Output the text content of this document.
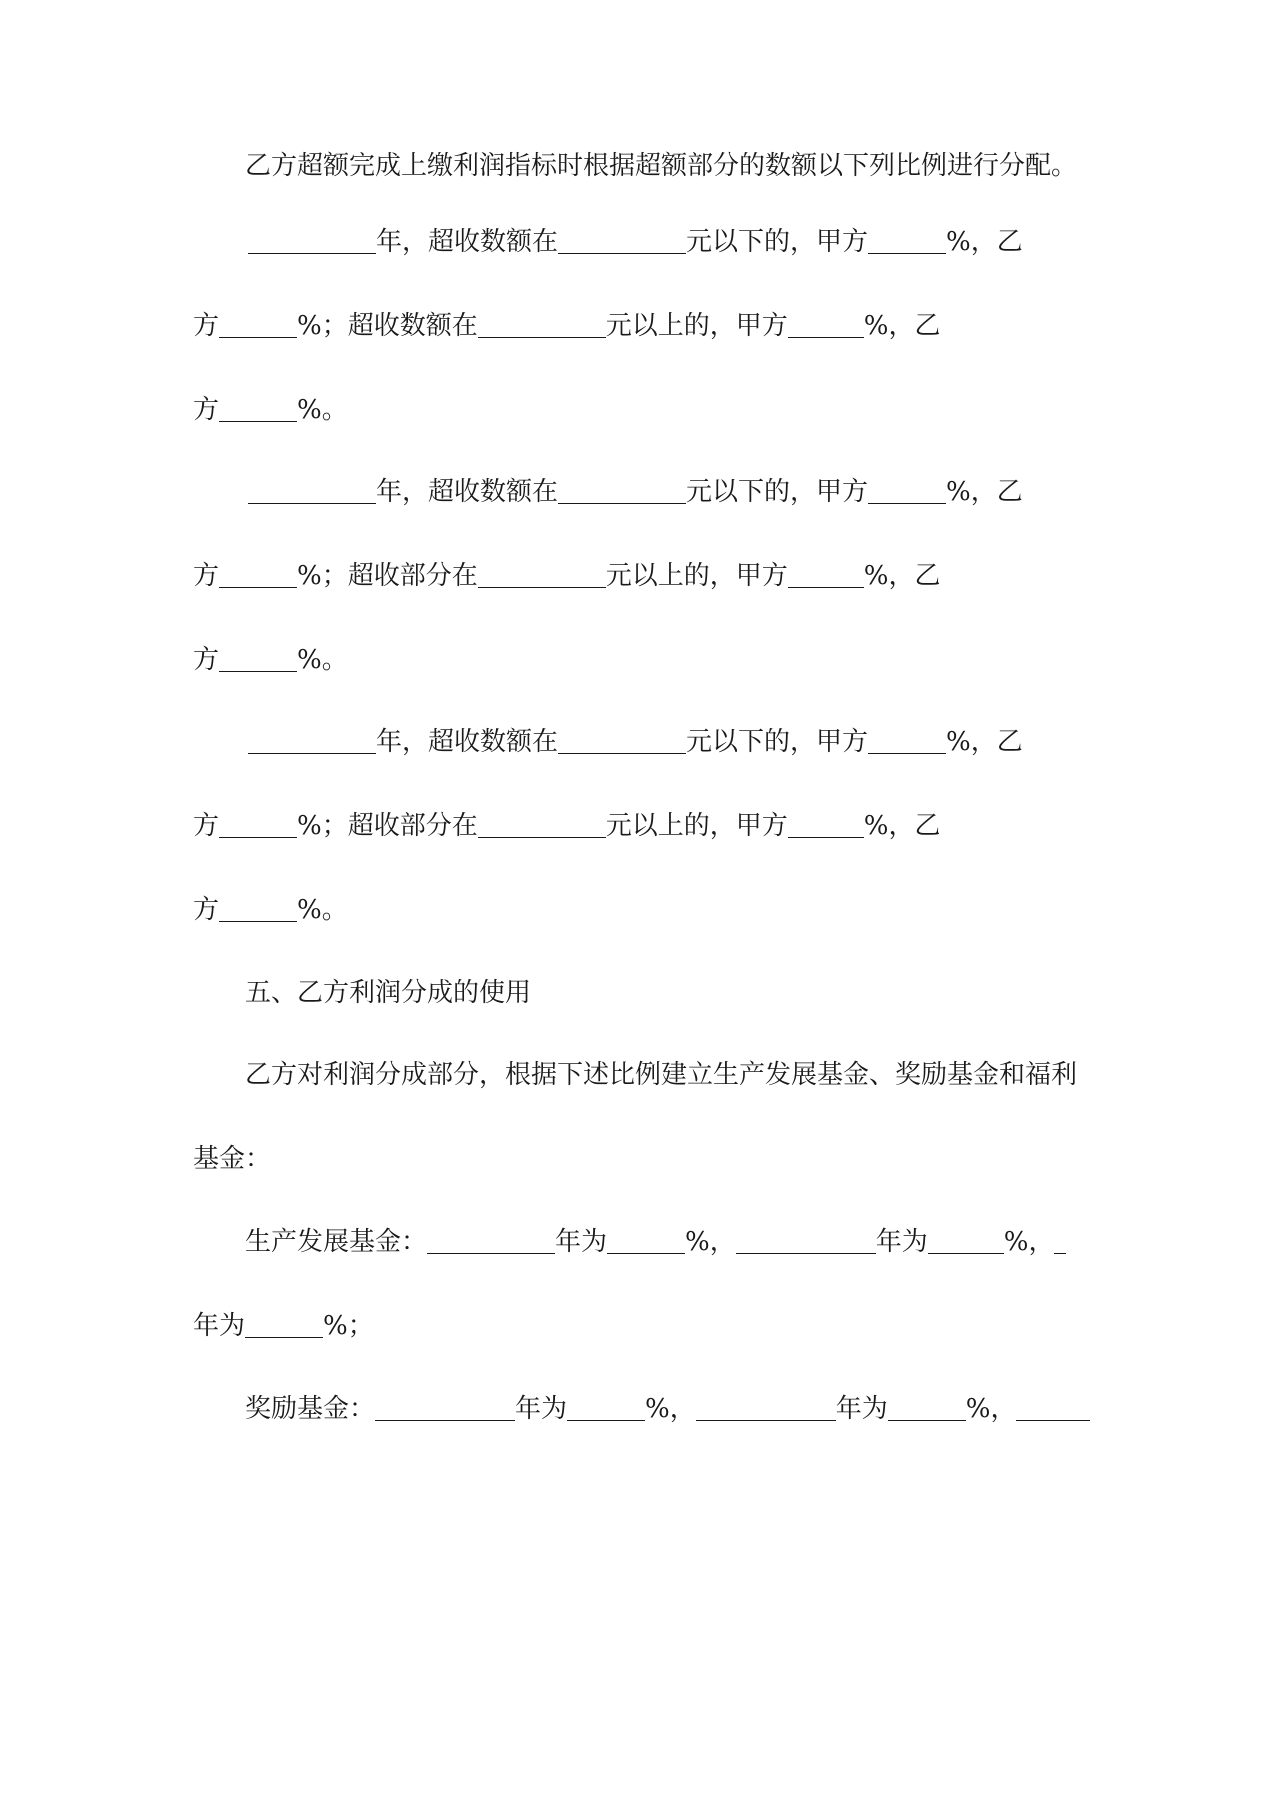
乙方超额完成上缴利润指标时根据超额部分的数额以下列比例进行分配。
年，超收数额在	元以下的，甲方	%，乙
方	%；超收数额在	元以上的，甲方	%，乙
方	%。
年，超收数额在	元以下的，甲方	%，乙
方	%；超收部分在	元以上的，甲方	%，乙
方	%。
年，超收数额在	元以下的，甲方	%，乙
方	%；超收部分在	元以上的，甲方	%，乙
方	%。
五、乙方利润分成的使用
乙方对利润分成部分，根据下述比例建立生产发展基金、奖励基金和福利
基金：
生产发展基金：	年为	%，	年为	%，
年为	%；
奖励基金：	年为	%，	年为	%，
